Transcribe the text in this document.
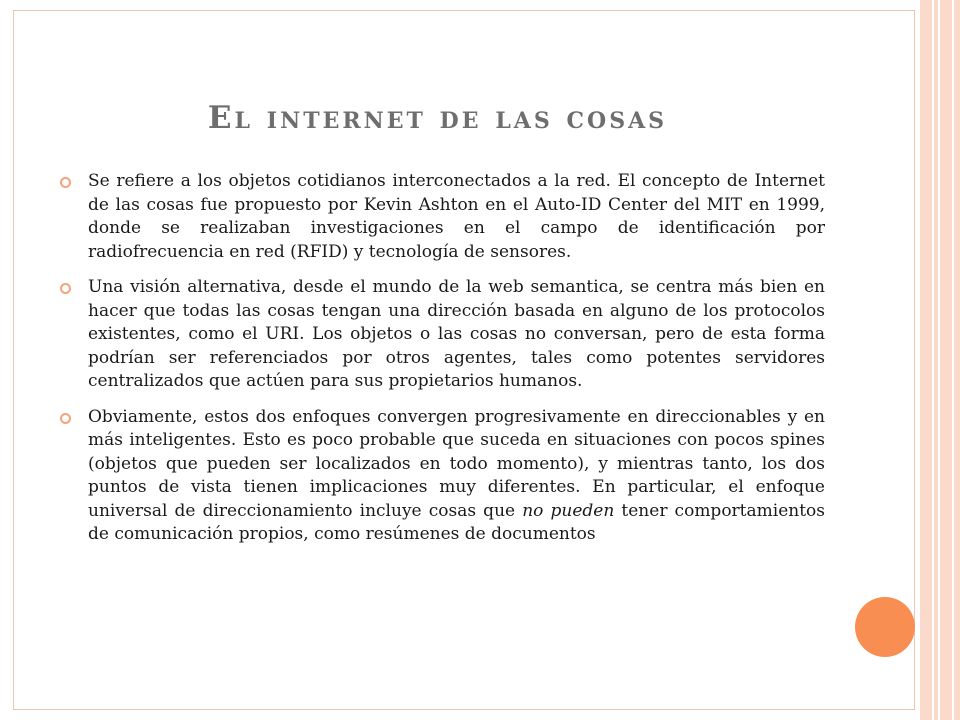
El internet de las cosas

Se refiere a los objetos cotidianos interconectados a la red. El concepto de Internet de las cosas fue propuesto por Kevin Ashton en el Auto-ID Center del MIT en 1999, donde se realizaban investigaciones en el campo de identificación por radiofrecuencia en red (RFID) y tecnología de sensores.

Una visión alternativa, desde el mundo de la web semantica, se centra más bien en hacer que todas las cosas tengan una dirección basada en alguno de los protocolos existentes, como el URI. Los objetos o las cosas no conversan, pero de esta forma podrían ser referenciados por otros agentes, tales como potentes servidores centralizados que actúen para sus propietarios humanos.

Obviamente, estos dos enfoques convergen progresivamente en direccionables y en más inteligentes. Esto es poco probable que suceda en situaciones con pocos spines (objetos que pueden ser localizados en todo momento), y mientras tanto, los dos puntos de vista tienen implicaciones muy diferentes. En particular, el enfoque universal de direccionamiento incluye cosas que no pueden tener comportamientos de comunicación propios, como resúmenes de documentos
